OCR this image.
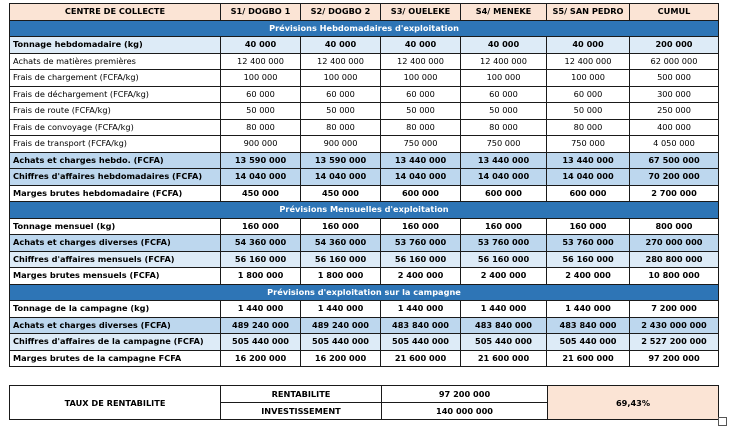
CENTRE DE COLLECTE	S1/ DOGBO 1	S2/ DOGBO 2	S3/ OUELEKE	S4/ MENEKE	S5/ SAN PEDRO	CUMUL
Prévisions Hebdomadaires d'exploitation						
Tonnage hebdomadaire (kg)	40 000	40 000	40 000	40 000	40 000	200 000
Achats de matières premières	12 400 000	12 400 000	12 400 000	12 400 000	12 400 000	62 000 000
Frais de chargement (FCFA/kg)	100 000	100 000	100 000	100 000	100 000	500 000
Frais de déchargement (FCFA/kg)	60 000	60 000	60 000	60 000	60 000	300 000
Frais de route (FCFA/kg)	50 000	50 000	50 000	50 000	50 000	250 000
Frais de convoyage (FCFA/kg)	80 000	80 000	80 000	80 000	80 000	400 000
Frais de transport (FCFA/kg)	900 000	900 000	750 000	750 000	750 000	4 050 000
Achats et charges hebdo. (FCFA)	13 590 000	13 590 000	13 440 000	13 440 000	13 440 000	67 500 000
Chiffres d'affaires hebdomadaires (FCFA)	14 040 000	14 040 000	14 040 000	14 040 000	14 040 000	70 200 000
Marges brutes hebdomadaire (FCFA)	450 000	450 000	600 000	600 000	600 000	2 700 000
Prévisions Mensuelles d'exploitation						
Tonnage mensuel (kg)	160 000	160 000	160 000	160 000	160 000	800 000
Achats et charges diverses (FCFA)	54 360 000	54 360 000	53 760 000	53 760 000	53 760 000	270 000 000
Chiffres d'affaires mensuels (FCFA)	56 160 000	56 160 000	56 160 000	56 160 000	56 160 000	280 800 000
Marges brutes mensuels (FCFA)	1 800 000	1 800 000	2 400 000	2 400 000	2 400 000	10 800 000
Prévisions d'exploitation sur la campagne						
Tonnage de la campagne (kg)	1 440 000	1 440 000	1 440 000	1 440 000	1 440 000	7 200 000
Achats et charges diverses (FCFA)	489 240 000	489 240 000	483 840 000	483 840 000	483 840 000	2 430 000 000
Chiffres d'affaires de la campagne (FCFA)	505 440 000	505 440 000	505 440 000	505 440 000	505 440 000	2 527 200 000
Marges brutes de la campagne FCFA	16 200 000	16 200 000	21 600 000	21 600 000	21 600 000	97 200 000
TAUX DE RENTABILITE	RENTABILITE	97 200 000	69,43%
	INVESTISSEMENT	140 000 000	
